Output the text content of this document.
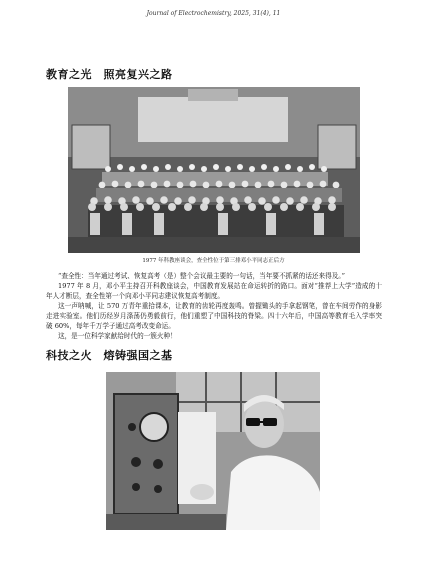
Journal of Electrochemistry, 2025, 31(4), 11
教育之光　照亮复兴之路
1977 年科教座谈会，查全性位于第三排邓小平同志正后方

“查全性：当年通过考试、恢复高考（是）整个会议最主要的一句话，当年要不抓紧的话还来得及。”

1977 年 8 月，邓小平主持召开科教座谈会，中国教育发展站在命运转折的路口。面对“推荐上大学”造成的十年人才断层，查全性第一个向邓小平同志建议恢复高考制度。

这一声呐喊，让 570 万青年重拾课本，让教育的齿轮再度轰鸣。曾握锄头的手拿起钢笔，曾在车间劳作的身影走进实验室。他们历经岁月涤荡仍勇毅前行，他们重塑了中国科技的脊梁。四十六年后，中国高等教育毛入学率突破 60%，每年千万学子通过高考改变命运。

这，是一位科学家献给时代的一簇火种！

科技之火　熔铸强国之基
